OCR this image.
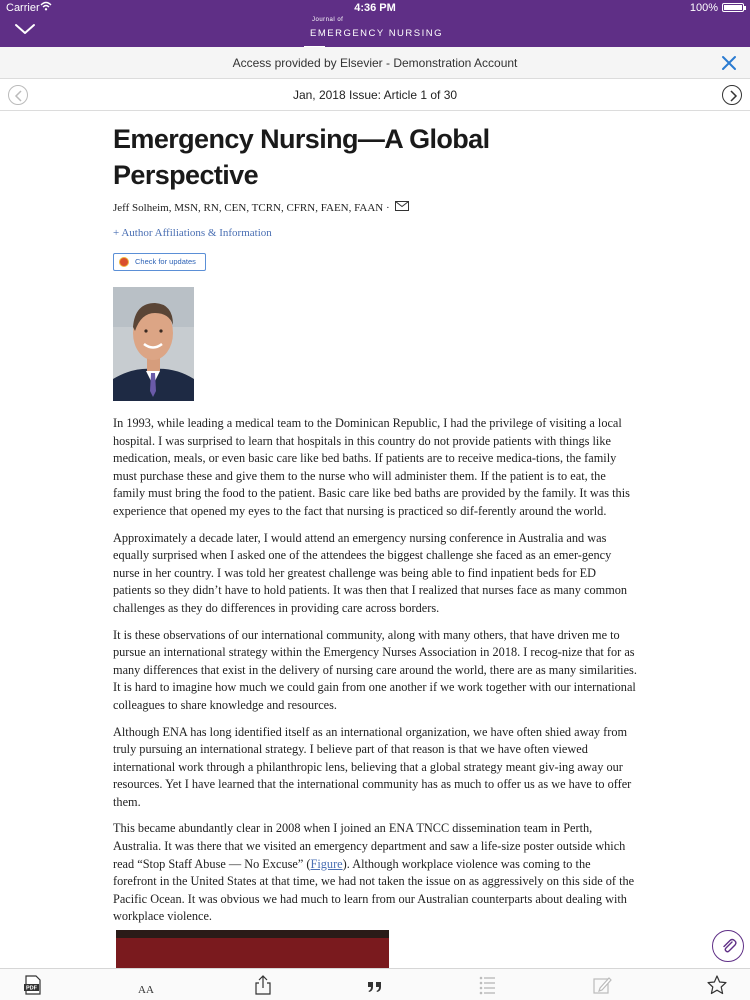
Carrier	4:36 PM	100%
Journal of
EMERGENCY NURSING
Access provided by Elsevier - Demonstration Account
Jan, 2018 Issue: Article 1 of 30
Emergency Nursing—A Global Perspective
Jeff Solheim, MSN, RN, CEN, TCRN, CFRN, FAEN, FAAN ·
+ Author Affiliations & Information
Check for updates

In 1993, while leading a medical team to the Dominican Republic, I had the privilege of visiting a local hospital. I was surprised to learn that hospitals in this country do not provide patients with things like medication, meals, or even basic care like bed baths. If patients are to receive medica-tions, the family must purchase these and give them to the nurse who will administer them. If the patient is to eat, the family must bring the food to the patient. Basic care like bed baths are provided by the family. It was this experience that opened my eyes to the fact that nursing is practiced so dif-ferently around the world.

Approximately a decade later, I would attend an emergency nursing conference in Australia and was equally surprised when I asked one of the attendees the biggest challenge she faced as an emer-gency nurse in her country. I was told her greatest challenge was being able to find inpatient beds for ED patients so they didn’t have to hold patients. It was then that I realized that nurses face as many common challenges as they do differences in providing care across borders.

It is these observations of our international community, along with many others, that have driven me to pursue an international strategy within the Emergency Nurses Association in 2018. I recog-nize that for as many differences that exist in the delivery of nursing care around the world, there are as many similarities. It is hard to imagine how much we could gain from one another if we work together with our international colleagues to share knowledge and resources.

Although ENA has long identified itself as an international organization, we have often shied away from truly pursuing an international strategy. I believe part of that reason is that we have often viewed international work through a philanthropic lens, believing that a global strategy meant giv-ing away our resources. Yet I have learned that the international community has as much to offer us as we have to offer them.

This became abundantly clear in 2008 when I joined an ENA TNCC dissemination team in Perth, Australia. It was there that we visited an emergency department and saw a life-size poster outside which read “Stop Staff Abuse — No Excuse” (Figure). Although workplace violence was coming to the forefront in the United States at that time, we had not taken the issue on as aggressively on this side of the Pacific Ocean. It was obvious we had much to learn from our Australian counterparts about dealing with workplace violence.

PDF	AA
